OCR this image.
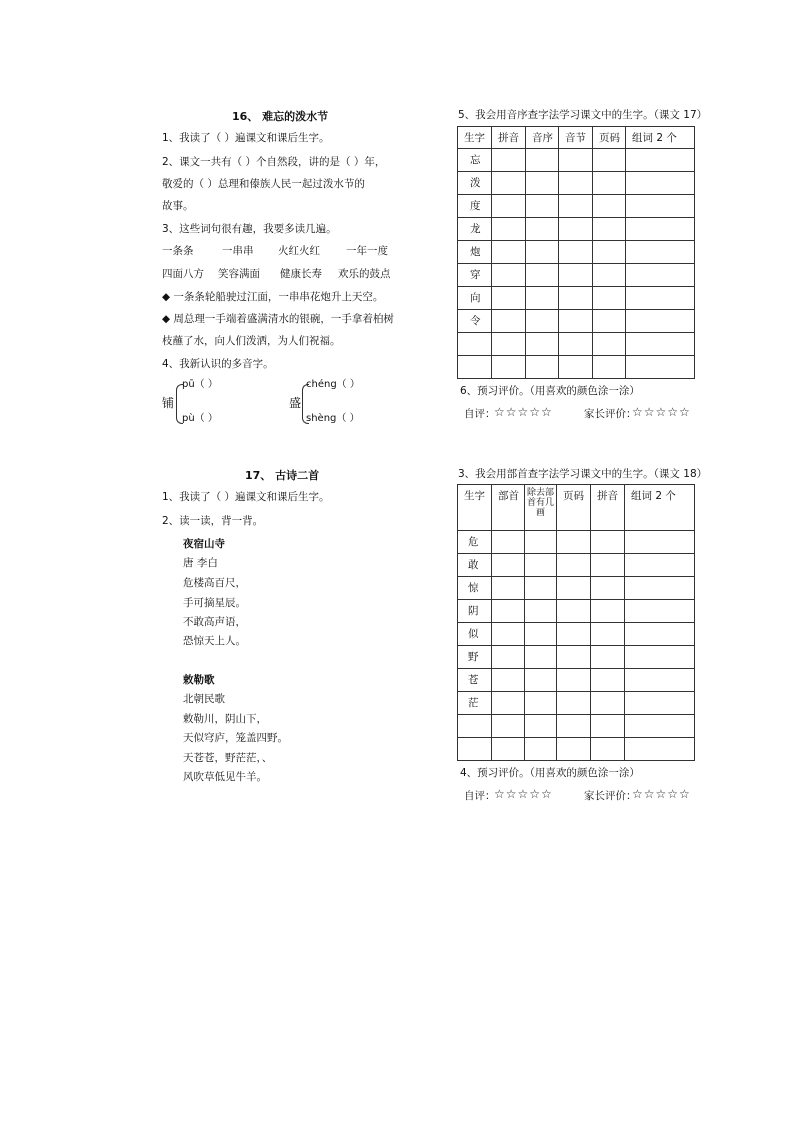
16、 难忘的泼水节
1、我读了（ ）遍课文和课后生字。
2、课文一共有（ ）个自然段，讲的是（ ）年，
敬爱的（ ）总理和傣族人民一起过泼水节的
故事。
3、这些词句很有趣，我要多读几遍。
一条条	一串串 火红火红 一年一度
四面八方 笑容满面 健康长寿 欢乐的鼓点
◆ 一条条轮船驶过江面，一串串花炮升上天空。
◆ 周总理一手端着盛满清水的银碗，一手拿着柏树
枝蘸了水，向人们泼洒，为人们祝福。
4、我新认识的多音字。
铺
pū（ ）
pù（ ）
盛
chéng（ ）
shèng（ ）
5、我会用音序查字法学习课文中的生字。（课文 17）
生字	拼音	音序	音节	页码	组词 2 个
忘					
泼					
度					
龙					
炮					
穿					
向					
令					

6、预习评价。（用喜欢的颜色涂一涂）
自评：
☆☆☆☆☆	家长评价：
☆☆☆☆☆
17、 古诗二首
1、我读了（ ）遍课文和课后生字。
2、读一读，背一背。
夜宿山寺
唐 李白
危楼高百尺，
手可摘星辰。
不敢高声语，
恐惊天上人。
敕勒歌
北朝民歌
敕勒川，阴山下，
天似穹庐，笼盖四野。
天苍苍，野茫茫，、
风吹草低见牛羊。
3、我会用部首查字法学习课文中的生字。（课文 18）
生字	部首	除去部首有几画	页码	拼音	组词 2 个
危					
敢					
惊					
阴					
似					
野					
苍					
茫					

4、预习评价。（用喜欢的颜色涂一涂）
自评：
☆☆☆☆☆	家长评价：
☆☆☆☆☆
